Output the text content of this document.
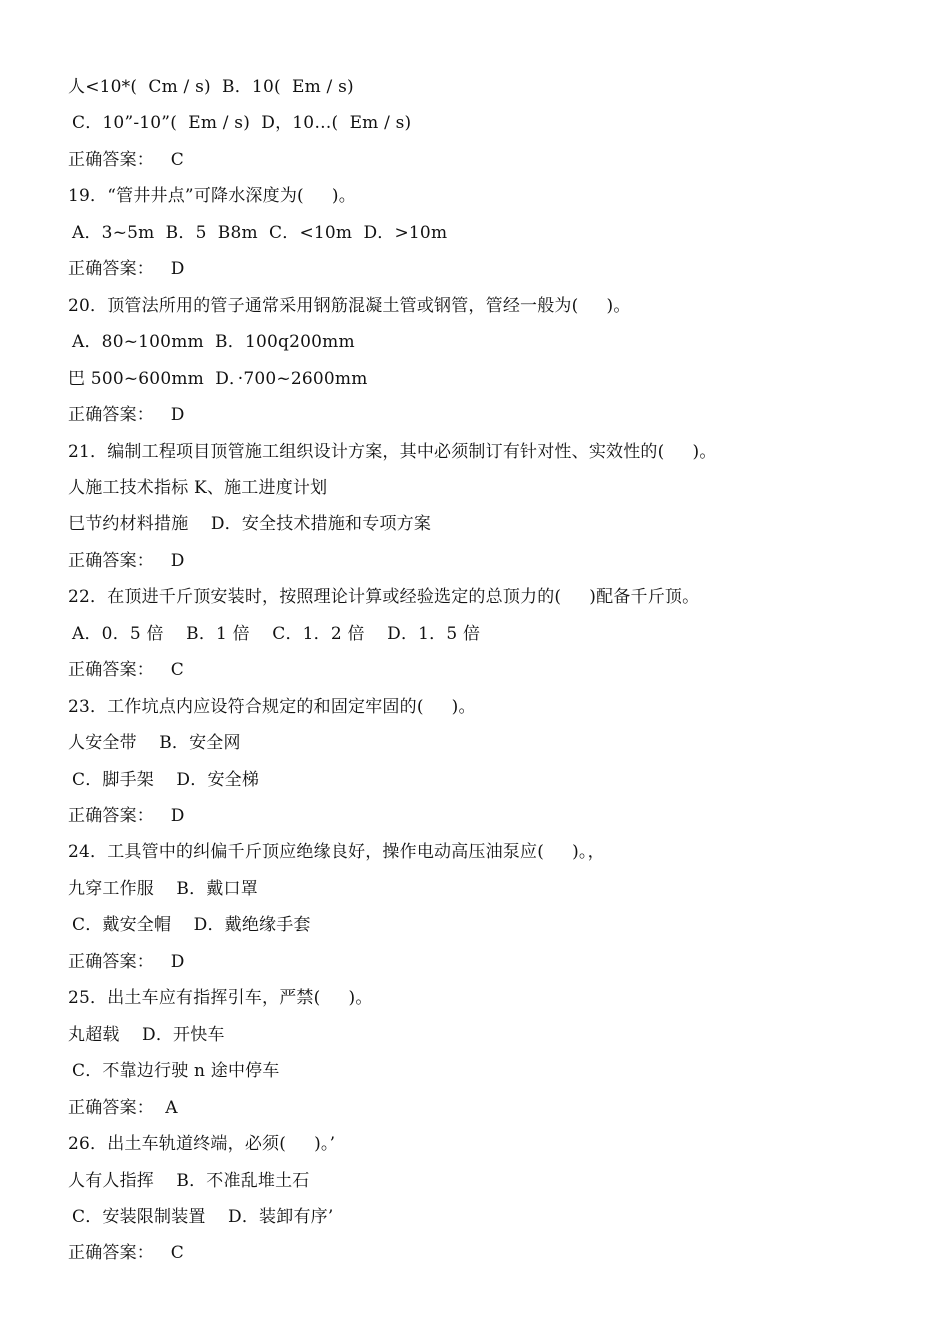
人<10*(  Cm / s)  B．10(  Em / s)
C．10”-10”(  Em / s)  D，10…(  Em / s)
正确答案：   C
19．“管井井点”可降水深度为(     )。
A．3~5m  B．5  B8m  C．<10m  D．>10m
正确答案：   D
20．顶管法所用的管子通常采用钢筋混凝土管或钢管，管经一般为(     )。
A．80~100mm  B．100q200mm
巴 500~600mm  D．·700~2600mm
正确答案：   D
21．编制工程项目顶管施工组织设计方案，其中必须制订有针对性、实效性的(     )。
人施工技术指标 K、施工进度计划
巳节约材料措施    D．安全技术措施和专项方案
正确答案：   D
22．在顶进千斤顶安装时，按照理论计算或经验选定的总顶力的(     )配备千斤顶。
A．0．5 倍    B．1 倍    C．1．2 倍    D．1．5 倍
正确答案：   C
23．工作坑点内应设符合规定的和固定牢固的(     )。
人安全带    B．安全网
C．脚手架    D．安全梯
正确答案：   D
24．工具管中的纠偏千斤顶应绝缘良好，操作电动高压油泵应(     )。，
九穿工作服    B．戴口罩
C．戴安全帽    D．戴绝缘手套
正确答案：   D
25．出土车应有指挥引车，严禁(     )。
丸超载    D．开快车
C．不靠边行驶 n 途中停车
正确答案：  A
26．出土车轨道终端，必须(     )。’
人有人指挥    B．不准乱堆土石
C．安装限制装置    D．装卸有序’
正确答案：   C
